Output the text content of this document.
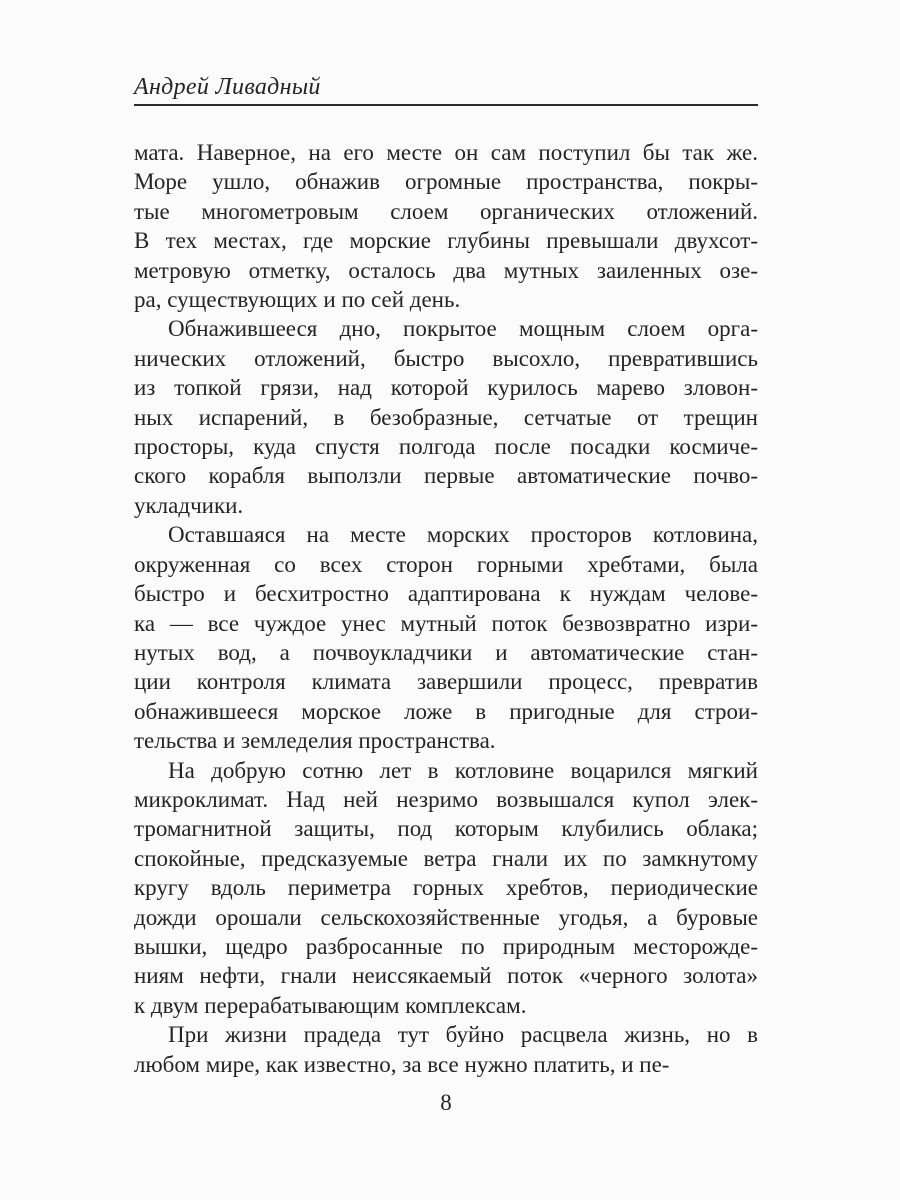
Андрей Ливадный
мата. Наверное, на его месте он сам поступил бы так же.
Море ушло, обнажив огромные пространства, покры-
тые многометровым слоем органических отложений.
В тех местах, где морские глубины превышали двухсот-
метровую отметку, осталось два мутных заиленных озе-
ра, существующих и по сей день.
Обнажившееся дно, покрытое мощным слоем орга-
нических отложений, быстро высохло, превратившись
из топкой грязи, над которой курилось марево зловон-
ных испарений, в безобразные, сетчатые от трещин
просторы, куда спустя полгода после посадки космиче-
ского корабля выползли первые автоматические почво-
укладчики.
Оставшаяся на месте морских просторов котловина,
окруженная со всех сторон горными хребтами, была
быстро и бесхитростно адаптирована к нуждам челове-
ка — все чуждое унес мутный поток безвозвратно изри-
нутых вод, а почвоукладчики и автоматические стан-
ции контроля климата завершили процесс, превратив
обнажившееся морское ложе в пригодные для строи-
тельства и земледелия пространства.
На добрую сотню лет в котловине воцарился мягкий
микроклимат. Над ней незримо возвышался купол элек-
тромагнитной защиты, под которым клубились облака;
спокойные, предсказуемые ветра гнали их по замкнутому
кругу вдоль периметра горных хребтов, периодические
дожди орошали сельскохозяйственные угодья, а буровые
вышки, щедро разбросанные по природным месторожде-
ниям нефти, гнали неиссякаемый поток «черного золота»
к двум перерабатывающим комплексам.
При жизни прадеда тут буйно расцвела жизнь, но в
любом мире, как известно, за все нужно платить, и пе-
8
